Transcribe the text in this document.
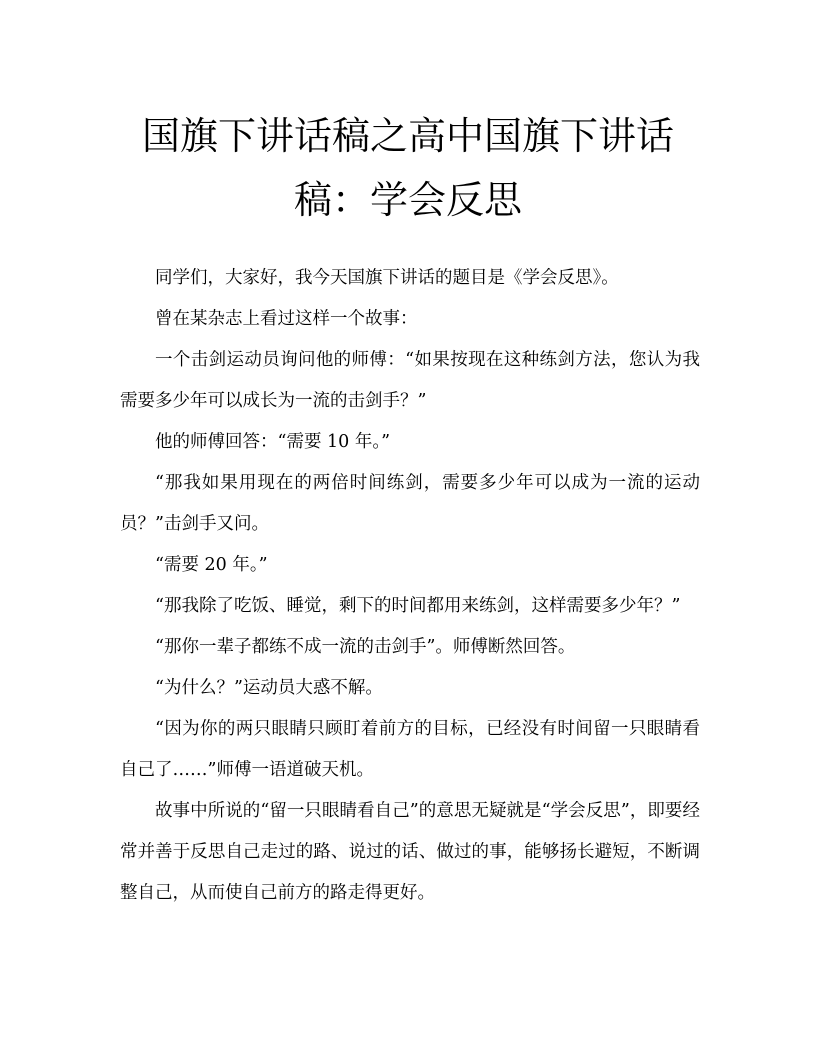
国旗下讲话稿之高中国旗下讲话稿：学会反思

同学们，大家好，我今天国旗下讲话的题目是《学会反思》。

曾在某杂志上看过这样一个故事：

一个击剑运动员询问他的师傅：“如果按现在这种练剑方法，您认为我需要多少年可以成长为一流的击剑手？”

他的师傅回答：“需要 10 年。”

“那我如果用现在的两倍时间练剑，需要多少年可以成为一流的运动员？”击剑手又问。

“需要 20 年。”

“那我除了吃饭、睡觉，剩下的时间都用来练剑，这样需要多少年？”

“那你一辈子都练不成一流的击剑手”。师傅断然回答。

“为什么？”运动员大惑不解。

“因为你的两只眼睛只顾盯着前方的目标，已经没有时间留一只眼睛看自己了……”师傅一语道破天机。

故事中所说的“留一只眼睛看自己”的意思无疑就是“学会反思”，即要经常并善于反思自己走过的路、说过的话、做过的事，能够扬长避短，不断调整自己，从而使自己前方的路走得更好。
